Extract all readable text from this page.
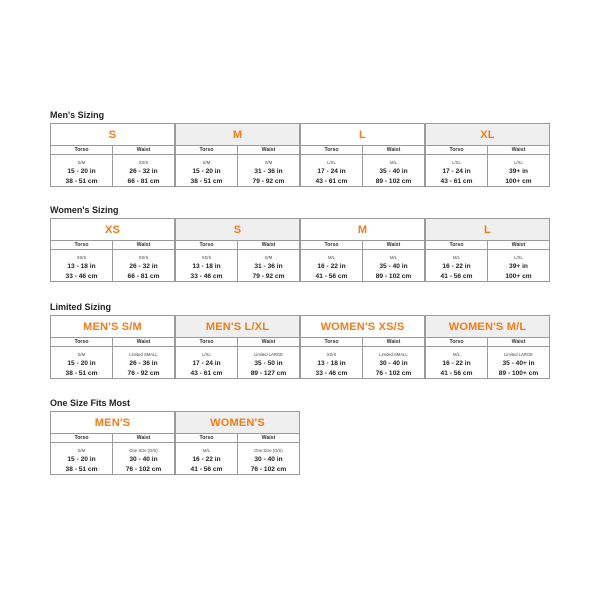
Men's Sizing
S
Torso
S/M
15 - 20 in
38 - 51 cm
Waist
XS/S
26 - 32 in
66 - 81 cm
M
Torso
S/M
15 - 20 in
38 - 51 cm
Waist
S/M
31 - 36 in
79 - 92 cm
L
Torso
L/XL
17 - 24 in
43 - 61 cm
Waist
M/L
35 - 40 in
89 - 102 cm
XL
Torso
L/XL
17 - 24 in
43 - 61 cm
Waist
L/XL
39+ in
100+ cm
Women's Sizing
XS
Torso
XS/S
13 - 18 in
33 - 46 cm
Waist
XS/S
26 - 32 in
66 - 81 cm
S
Torso
XS/S
13 - 18 in
33 - 46 cm
Waist
S/M
31 - 36 in
79 - 92 cm
M
Torso
M/L
16 - 22 in
41 - 56 cm
Waist
M/L
35 - 40 in
89 - 102 cm
L
Torso
M/L
16 - 22 in
41 - 56 cm
Waist
L/XL
39+ in
100+ cm
Limited Sizing
MEN'S S/M
Torso
S/M
15 - 20 in
38 - 51 cm
Waist
Limited SMALL
26 - 36 in
76 - 92 cm
MEN'S L/XL
Torso
L/XL
17 - 24 in
43 - 61 cm
Waist
Limited LARGE
35 - 50 in
89 - 127 cm
WOMEN'S XS/S
Torso
XS/S
13 - 18 in
33 - 46 cm
Waist
Limited SMALL
30 - 40 in
76 - 102 cm
WOMEN'S M/L
Torso
M/L
16 - 22 in
41 - 56 cm
Waist
Limited LARGE
35 - 40+ in
89 - 100+ cm
One Size Fits Most
MEN'S
Torso
S/M
15 - 20 in
38 - 51 cm
Waist
One Size (O/S)
30 - 40 in
76 - 102 cm
WOMEN'S
Torso
M/L
16 - 22 in
41 - 56 cm
Waist
One Size (O/S)
30 - 40 in
76 - 102 cm
